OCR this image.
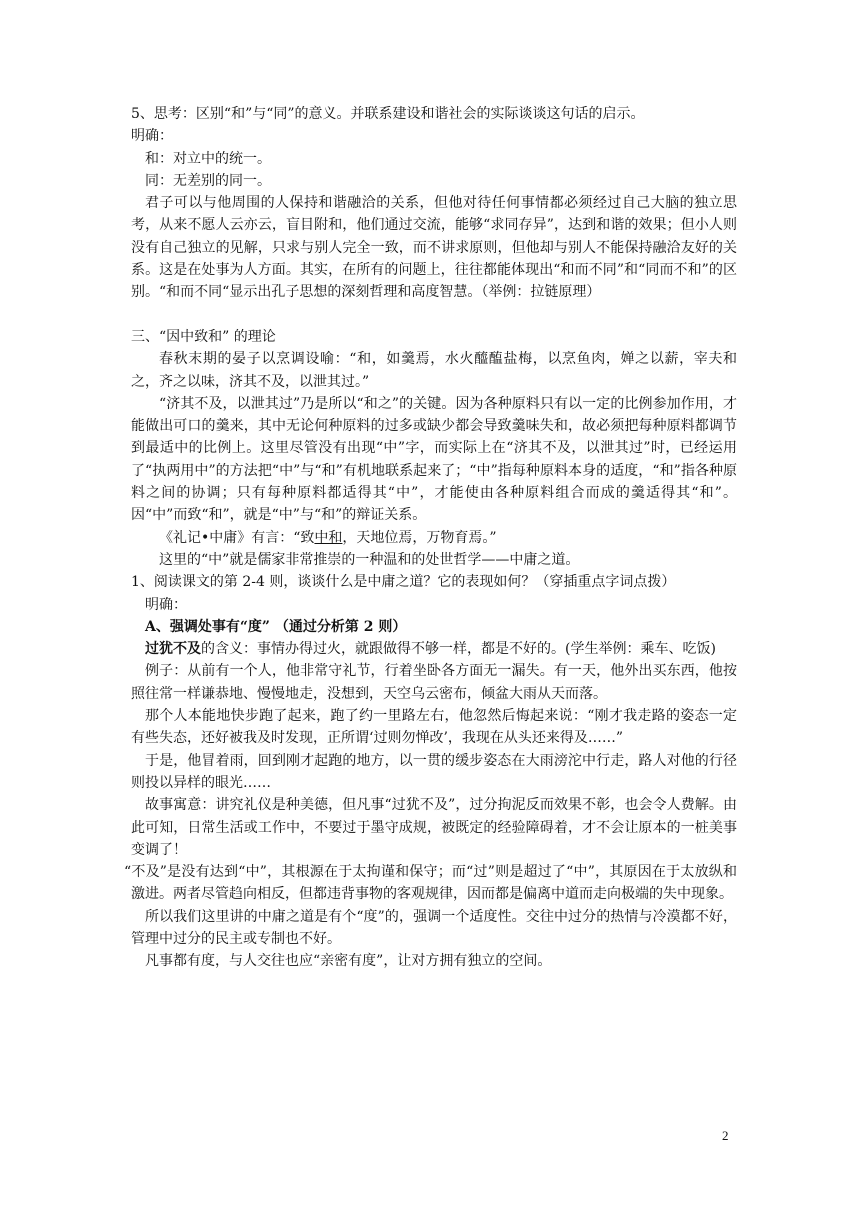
5、思考：区别“和”与“同”的意义。并联系建设和谐社会的实际谈谈这句话的启示。

明确：

和：对立中的统一。

同：无差别的同一。

君子可以与他周围的人保持和谐融洽的关系，但他对待任何事情都必须经过自己大脑的独立思考，从来不愿人云亦云，盲目附和，他们通过交流，能够“求同存异”，达到和谐的效果；但小人则没有自己独立的见解，只求与别人完全一致，而不讲求原则，但他却与别人不能保持融洽友好的关系。这是在处事为人方面。其实，在所有的问题上，往往都能体现出“和而不同”和“同而不和”的区别。“和而不同“显示出孔子思想的深刻哲理和高度智慧。（举例：拉链原理）

三、“因中致和” 的理论

春秋末期的晏子以烹调设喻：“和，如羹焉，水火醯醢盐梅，以烹鱼肉，婵之以薪，宰夫和之，齐之以味，济其不及，以泄其过。”

“济其不及，以泄其过”乃是所以“和之”的关键。因为各种原料只有以一定的比例参加作用，才能做出可口的羹来，其中无论何种原料的过多或缺少都会导致羹味失和，故必须把每种原料都调节到最适中的比例上。这里尽管没有出现“中”字，而实际上在“济其不及，以泄其过”时，已经运用了“执两用中”的方法把“中”与“和”有机地联系起来了；“中”指每种原料本身的适度，“和”指各种原料之间的协调；只有每种原料都适得其“中”，才能使由各种原料组合而成的羹适得其“和”。因“中”而致“和”，就是“中”与“和”的辩证关系。

《礼记•中庸》有言：“致中和，天地位焉，万物育焉。”

这里的“中”就是儒家非常推崇的一种温和的处世哲学——中庸之道。

1、阅读课文的第 2-4 则，谈谈什么是中庸之道？它的表现如何？（穿插重点字词点拨）

明确：

A、强调处事有“度” （通过分析第 2 则）

过犹不及的含义：事情办得过火，就跟做得不够一样，都是不好的。(学生举例：乘车、吃饭)

例子：从前有一个人，他非常守礼节，行着坐卧各方面无一漏失。有一天，他外出买东西，他按照往常一样谦恭地、慢慢地走，没想到，天空乌云密布，倾盆大雨从天而落。

那个人本能地快步跑了起来，跑了约一里路左右，他忽然后悔起来说：“刚才我走路的姿态一定有些失态，还好被我及时发现，正所谓‘过则勿惮改’，我现在从头还来得及……”

于是，他冒着雨，回到刚才起跑的地方，以一贯的缓步姿态在大雨滂沱中行走，路人对他的行径则投以异样的眼光……

故事寓意：讲究礼仪是种美德，但凡事“过犹不及”，过分拘泥反而效果不彰，也会令人费解。由此可知，日常生活或工作中，不要过于墨守成规，被既定的经验障碍着，才不会让原本的一桩美事变调了！

“不及”是没有达到“中”，其根源在于太拘谨和保守；而“过”则是超过了“中”，其原因在于太放纵和激进。两者尽管趋向相反，但都违背事物的客观规律，因而都是偏离中道而走向极端的失中现象。

所以我们这里讲的中庸之道是有个“度”的，强调一个适度性。交往中过分的热情与冷漠都不好，管理中过分的民主或专制也不好。

凡事都有度，与人交往也应“亲密有度”，让对方拥有独立的空间。

2
